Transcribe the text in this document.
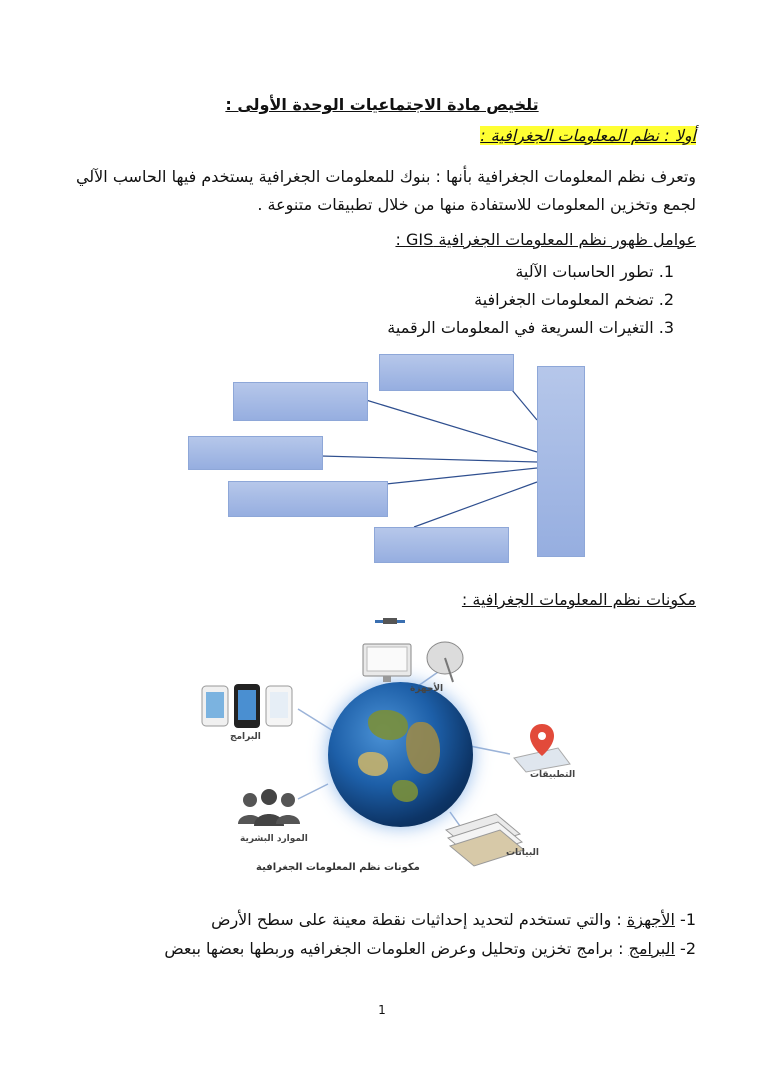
تلخيص مادة الاجتماعيات الوحدة الأولى :
أولا : نظم المعلومات الجغرافية :
وتعرف نظم المعلومات الجغرافية بأنها : بنوك للمعلومات الجغرافية يستخدم فيها الحاسب الآلي
لجمع وتخزين المعلومات للاستفادة منها من خلال تطبيقات متنوعة .
عوامل ظهور نظم المعلومات الجغرافية GIS :
1. تطور الحاسبات الآلية
2. تضخم المعلومات الجغرافية
3. التغيرات السريعة في المعلومات الرقمية
مكونات نظم المعلومات الجغرافية :
الأجهزة
البرامج
التطبيقات
الموارد البشرية
البيانات
مكونات نظم المعلومات الجغرافية
1- الأجهزة : والتي تستخدم لتحديد إحداثيات نقطة معينة على سطح الأرض
2- البرامج : برامج تخزين وتحليل وعرض العلومات الجغرافيه وربطها بعضها ببعض
1
